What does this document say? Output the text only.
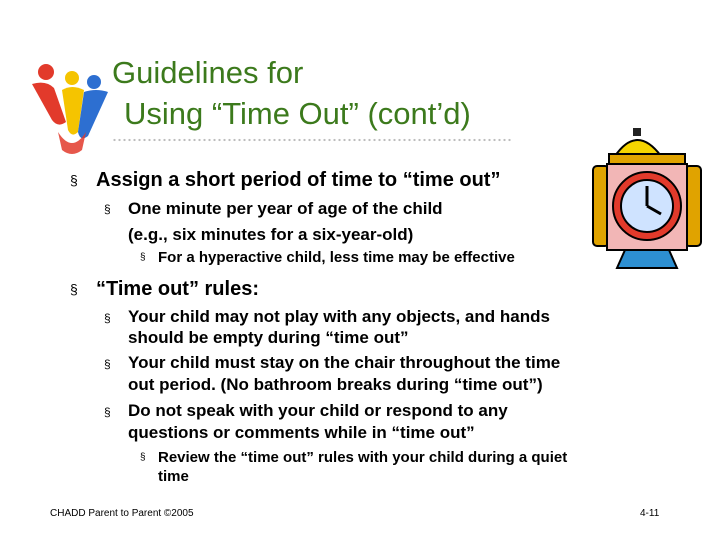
Guidelines for
Using “Time Out” (cont’d)
§ Assign a short period of time to “time out”
§ One minute per year of age of the child
(e.g., six minutes for a six-year-old)
§ For a hyperactive child, less time may be effective
§ “Time out” rules:
§ Your child may not play with any objects, and hands
should be empty during “time out”
§ Your child must stay on the chair throughout the time
out period. (No bathroom breaks during “time out”)
§ Do not speak with your child or respond to any
questions or comments while in “time out”
§ Review the “time out” rules with your child during a quiet
time
CHADD Parent to Parent ©2005	4-11
